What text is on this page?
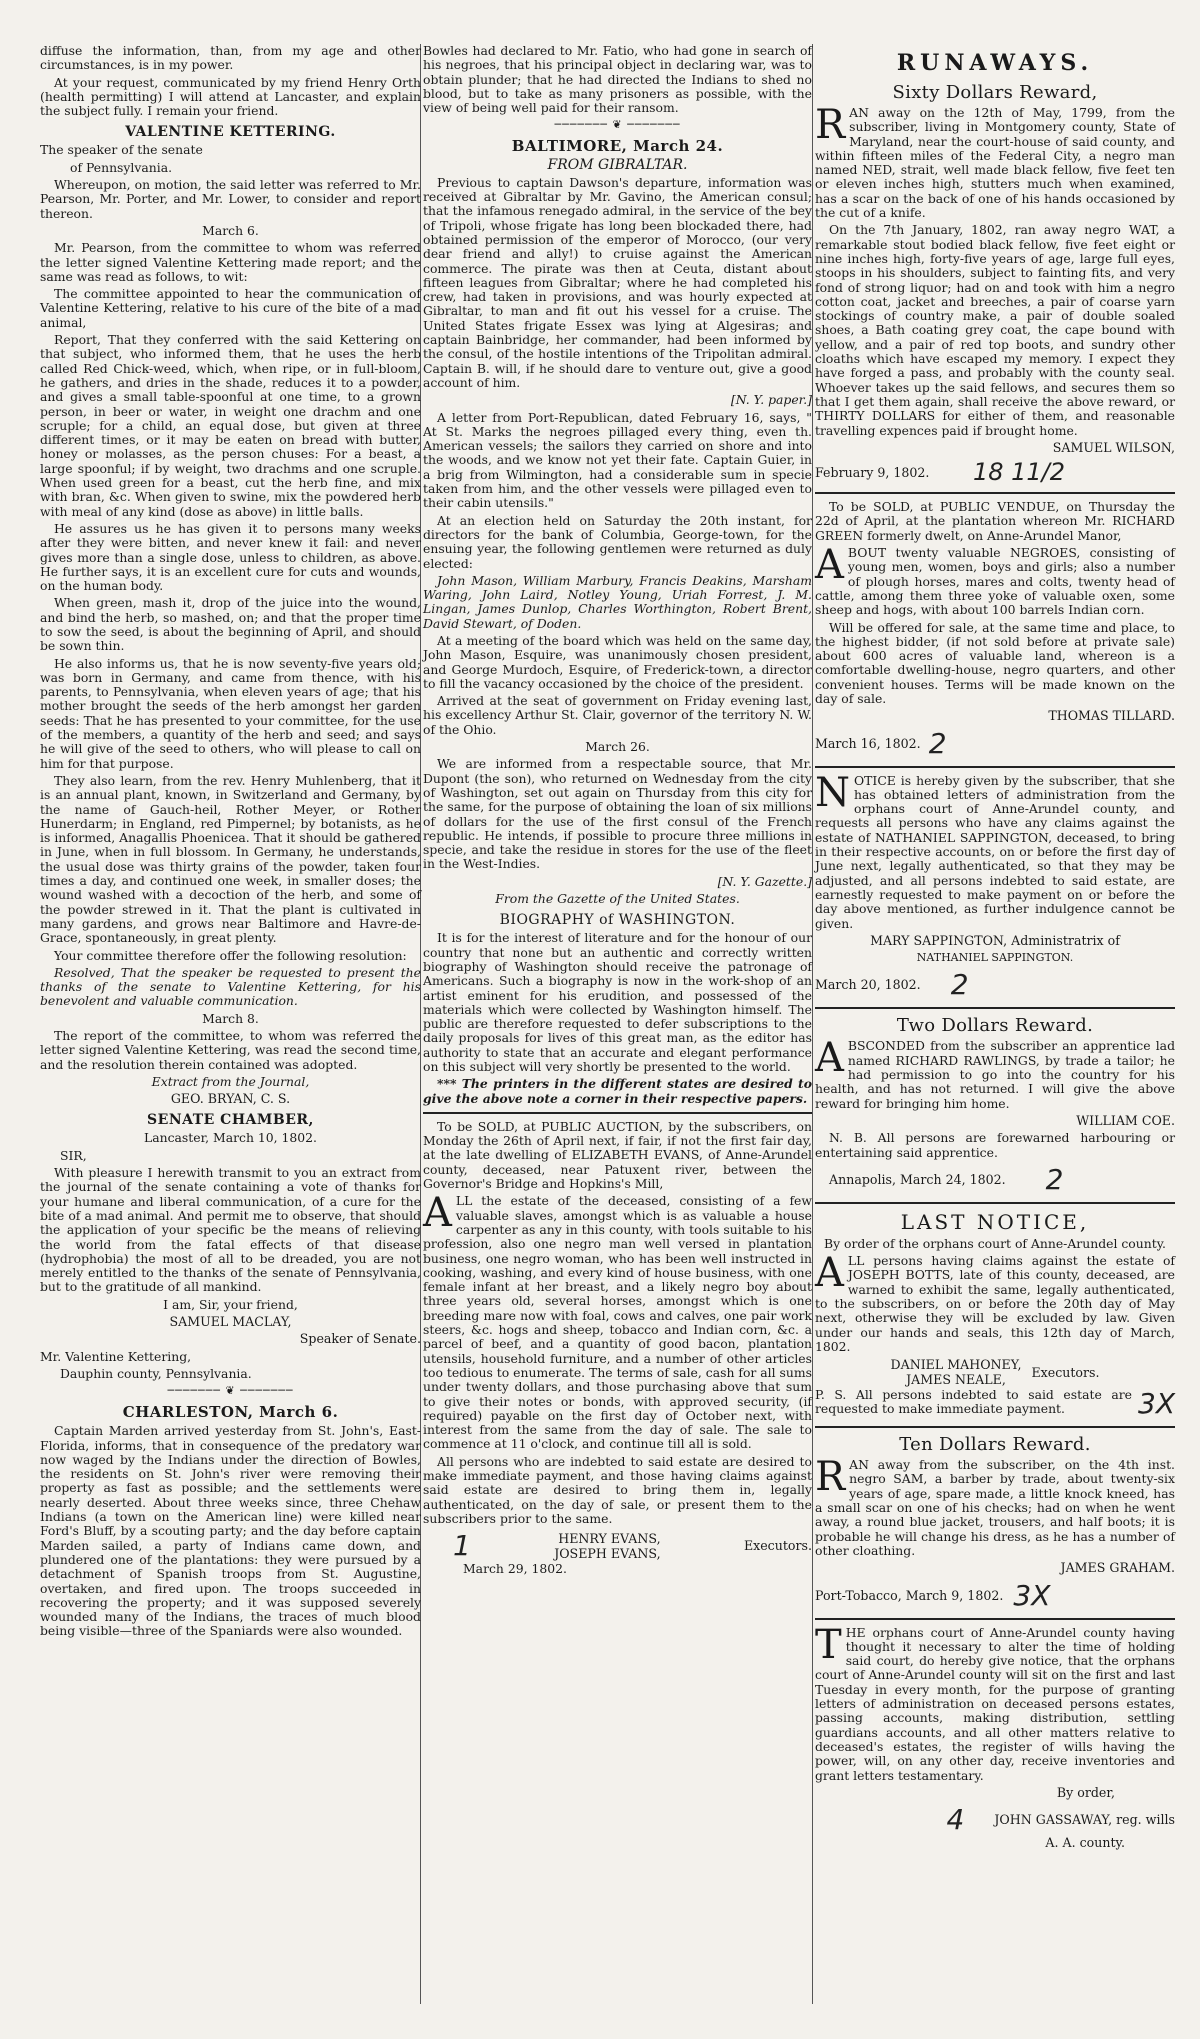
diffuse the information, than, from my age and other circumstances, is in my power.

At your request, communicated by my friend Henry Orth (health permitting) I will attend at Lancaster, and explain the subject fully. I remain your friend.

VALENTINE KETTERING.

The speaker of the senate

of Pennsylvania.

Whereupon, on motion, the said letter was referred to Mr. Pearson, Mr. Porter, and Mr. Lower, to consider and report thereon.

March 6.

Mr. Pearson, from the committee to whom was referred the letter signed Valentine Kettering made report; and the same was read as follows, to wit:

The committee appointed to hear the communication of Valentine Kettering, relative to his cure of the bite of a mad animal,

Report, That they conferred with the said Kettering on that subject, who informed them, that he uses the herb called Red Chick-weed, which, when ripe, or in full-bloom, he gathers, and dries in the shade, reduces it to a powder, and gives a small table-spoonful at one time, to a grown person, in beer or water, in weight one drachm and one scruple; for a child, an equal dose, but given at three different times, or it may be eaten on bread with butter, honey or molasses, as the person chuses: For a beast, a large spoonful; if by weight, two drachms and one scruple. When used green for a beast, cut the herb fine, and mix with bran, &c. When given to swine, mix the powdered herb with meal of any kind (dose as above) in little balls.

He assures us he has given it to persons many weeks after they were bitten, and never knew it fail: and never gives more than a single dose, unless to children, as above. He further says, it is an excellent cure for cuts and wounds, on the human body.

When green, mash it, drop of the juice into the wound, and bind the herb, so mashed, on; and that the proper time to sow the seed, is about the beginning of April, and should be sown thin.

He also informs us, that he is now seventy-five years old; was born in Germany, and came from thence, with his parents, to Pennsylvania, when eleven years of age; that his mother brought the seeds of the herb amongst her garden seeds: That he has presented to your committee, for the use of the members, a quantity of the herb and seed; and says he will give of the seed to others, who will please to call on him for that purpose.

They also learn, from the rev. Henry Muhlenberg, that it is an annual plant, known, in Switzerland and Germany, by the name of Gauch-heil, Rother Meyer, or Rother Hunerdarm; in England, red Pimpernel; by botanists, as he is informed, Anagallis Phoenicea. That it should be gathered in June, when in full blossom. In Germany, he understands, the usual dose was thirty grains of the powder, taken four times a day, and continued one week, in smaller doses; the wound washed with a decoction of the herb, and some of the powder strewed in it. That the plant is cultivated in many gardens, and grows near Baltimore and Havre-de-Grace, spontaneously, in great plenty.

Your committee therefore offer the following resolution:

Resolved, That the speaker be requested to present the thanks of the senate to Valentine Kettering, for his benevolent and valuable communication.

March 8.

The report of the committee, to whom was referred the letter signed Valentine Kettering, was read the second time, and the resolution therein contained was adopted.

Extract from the Journal,

GEO. BRYAN, C. S.

SENATE CHAMBER,

Lancaster, March 10, 1802.

SIR,

With pleasure I herewith transmit to you an extract from the journal of the senate containing a vote of thanks for your humane and liberal communication, of a cure for the bite of a mad animal. And permit me to observe, that should the application of your specific be the means of relieving the world from the fatal effects of that disease (hydrophobia) the most of all to be dreaded, you are not merely entitled to the thanks of the senate of Pennsylvania, but to the gratitude of all mankind.

I am, Sir, your friend,

SAMUEL MACLAY,

Speaker of Senate.

Mr. Valentine Kettering,

Dauphin county, Pennsylvania.

─────── ❦ ───────
CHARLESTON, March 6.

Captain Marden arrived yesterday from St. John's, East-Florida, informs, that in consequence of the predatory war now waged by the Indians under the direction of Bowles, the residents on St. John's river were removing their property as fast as possible; and the settlements were nearly deserted. About three weeks since, three Chehaw Indians (a town on the American line) were killed near Ford's Bluff, by a scouting party; and the day before captain Marden sailed, a party of Indians came down, and plundered one of the plantations: they were pursued by a detachment of Spanish troops from St. Augustine, overtaken, and fired upon. The troops succeeded in recovering the property; and it was supposed severely wounded many of the Indians, the traces of much blood being visible—three of the Spaniards were also wounded.

Bowles had declared to Mr. Fatio, who had gone in search of his negroes, that his principal object in declaring war, was to obtain plunder; that he had directed the Indians to shed no blood, but to take as many prisoners as possible, with the view of being well paid for their ransom.

─────── ❦ ───────
BALTIMORE, March 24.

FROM GIBRALTAR.

Previous to captain Dawson's departure, information was received at Gibraltar by Mr. Gavino, the American consul; that the infamous renegado admiral, in the service of the bey of Tripoli, whose frigate has long been blockaded there, had obtained permission of the emperor of Morocco, (our very dear friend and ally!) to cruise against the American commerce. The pirate was then at Ceuta, distant about fifteen leagues from Gibraltar; where he had completed his crew, had taken in provisions, and was hourly expected at Gibraltar, to man and fit out his vessel for a cruise. The United States frigate Essex was lying at Algesiras; and captain Bainbridge, her commander, had been informed by the consul, of the hostile intentions of the Tripolitan admiral. Captain B. will, if he should dare to venture out, give a good account of him.

[N. Y. paper.]

A letter from Port-Republican, dated February 16, says, " At St. Marks the negroes pillaged every thing, even th. American vessels; the sailors they carried on shore and into the woods, and we know not yet their fate. Captain Guier, in a brig from Wilmington, had a considerable sum in specie taken from him, and the other vessels were pillaged even to their cabin utensils."

At an election held on Saturday the 20th instant, for directors for the bank of Columbia, George-town, for the ensuing year, the following gentlemen were returned as duly elected:

John Mason, William Marbury, Francis Deakins, Marsham Waring, John Laird, Notley Young, Uriah Forrest, J. M. Lingan, James Dunlop, Charles Worthington, Robert Brent, David Stewart, of Doden.

At a meeting of the board which was held on the same day, John Mason, Esquire, was unanimously chosen president, and George Murdoch, Esquire, of Frederick-town, a director to fill the vacancy occasioned by the choice of the president.

Arrived at the seat of government on Friday evening last, his excellency Arthur St. Clair, governor of the territory N. W. of the Ohio.

March 26.

We are informed from a respectable source, that Mr. Dupont (the son), who returned on Wednesday from the city of Washington, set out again on Thursday from this city for the same, for the purpose of obtaining the loan of six millions of dollars for the use of the first consul of the French republic. He intends, if possible to procure three millions in specie, and take the residue in stores for the use of the fleet in the West-Indies.

[N. Y. Gazette.]

From the Gazette of the United States.

BIOGRAPHY of WASHINGTON.

It is for the interest of literature and for the honour of our country that none but an authentic and correctly written biography of Washington should receive the patronage of Americans. Such a biography is now in the work-shop of an artist eminent for his erudition, and possessed of the materials which were collected by Washington himself. The public are therefore requested to defer subscriptions to the daily proposals for lives of this great man, as the editor has authority to state that an accurate and elegant performance on this subject will very shortly be presented to the world.

*** The printers in the different states are desired to give the above note a corner in their respective papers.

To be SOLD, at PUBLIC AUCTION, by the subscribers, on Monday the 26th of April next, if fair, if not the first fair day, at the late dwelling of ELIZABETH EVANS, of Anne-Arundel county, deceased, near Patuxent river, between the Governor's Bridge and Hopkins's Mill,

ALL the estate of the deceased, consisting of a few valuable slaves, amongst which is as valuable a house carpenter as any in this county, with tools suitable to his profession, also one negro man well versed in plantation business, one negro woman, who has been well instructed in cooking, washing, and every kind of house business, with one female infant at her breast, and a likely negro boy about three years old, several horses, amongst which is one breeding mare now with foal, cows and calves, one pair work steers, &c. hogs and sheep, tobacco and Indian corn, &c. a parcel of beef, and a quantity of good bacon, plantation utensils, household furniture, and a number of other articles too tedious to enumerate. The terms of sale, cash for all sums under twenty dollars, and those purchasing above that sum to give their notes or bonds, with approved security, (if required) payable on the first day of October next, with interest from the same from the day of sale. The sale to commence at 11 o'clock, and continue till all is sold.

All persons who are indebted to said estate are desired to make immediate payment, and those having claims against said estate are desired to bring them in, legally authenticated, on the day of sale, or present them to the subscribers prior to the same.

1	HENRY EVANS,
JOSEPH EVANS,	Executors.

March 29, 1802.

RUNAWAYS.
Sixty Dollars Reward,

RAN away on the 12th of May, 1799, from the subscriber, living in Montgomery county, State of Maryland, near the court-house of said county, and within fifteen miles of the Federal City, a negro man named NED, strait, well made black fellow, five feet ten or eleven inches high, stutters much when examined, has a scar on the back of one of his hands occasioned by the cut of a knife.

On the 7th January, 1802, ran away negro WAT, a remarkable stout bodied black fellow, five feet eight or nine inches high, forty-five years of age, large full eyes, stoops in his shoulders, subject to fainting fits, and very fond of strong liquor; had on and took with him a negro cotton coat, jacket and breeches, a pair of coarse yarn stockings of country make, a pair of double soaled shoes, a Bath coating grey coat, the cape bound with yellow, and a pair of red top boots, and sundry other cloaths which have escaped my memory. I expect they have forged a pass, and probably with the county seal. Whoever takes up the said fellows, and secures them so that I get them again, shall receive the above reward, or THIRTY DOLLARS for either of them, and reasonable travelling expences paid if brought home.

SAMUEL WILSON,

February 9, 1802. 18 11/2

To be SOLD, at PUBLIC VENDUE, on Thursday the 22d of April, at the plantation whereon Mr. RICHARD GREEN formerly dwelt, on Anne-Arundel Manor,

ABOUT twenty valuable NEGROES, consisting of young men, women, boys and girls; also a number of plough horses, mares and colts, twenty head of cattle, among them three yoke of valuable oxen, some sheep and hogs, with about 100 barrels Indian corn.

Will be offered for sale, at the same time and place, to the highest bidder, (if not sold before at private sale) about 600 acres of valuable land, whereon is a comfortable dwelling-house, negro quarters, and other convenient houses. Terms will be made known on the day of sale.

THOMAS TILLARD.

March 16, 1802. 2

NOTICE is hereby given by the subscriber, that she has obtained letters of administration from the orphans court of Anne-Arundel county, and requests all persons who have any claims against the estate of NATHANIEL SAPPINGTON, deceased, to bring in their respective accounts, on or before the first day of June next, legally authenticated, so that they may be adjusted, and all persons indebted to said estate, are earnestly requested to make payment on or before the day above mentioned, as further indulgence cannot be given.

MARY SAPPINGTON, Administratrix of

NATHANIEL SAPPINGTON.

March 20, 1802. 2
Two Dollars Reward.

ABSCONDED from the subscriber an apprentice lad named RICHARD RAWLINGS, by trade a tailor; he had permission to go into the country for his health, and has not returned. I will give the above reward for bringing him home.

WILLIAM COE.

N. B. All persons are forewarned harbouring or entertaining said apprentice.

Annapolis, March 24, 1802. 2
LAST NOTICE,

By order of the orphans court of Anne-Arundel county.

ALL persons having claims against the estate of JOSEPH BOTTS, late of this county, deceased, are warned to exhibit the same, legally authenticated, to the subscribers, on or before the 20th day of May next, otherwise they will be excluded by law. Given under our hands and seals, this 12th day of March, 1802.

DANIEL MAHONEY,
JAMES NEALE,	Executors.

P. S. All persons indebted to said estate are requested to make immediate payment.	3X
Ten Dollars Reward.

RAN away from the subscriber, on the 4th inst. negro SAM, a barber by trade, about twenty-six years of age, spare made, a little knock kneed, has a small scar on one of his checks; had on when he went away, a round blue jacket, trousers, and half boots; it is probable he will change his dress, as he has a number of other cloathing.

JAMES GRAHAM.

Port-Tobacco, March 9, 1802. 3X

THE orphans court of Anne-Arundel county having thought it necessary to alter the time of holding said court, do hereby give notice, that the orphans court of Anne-Arundel county will sit on the first and last Tuesday in every month, for the purpose of granting letters of administration on deceased persons estates, passing accounts, making distribution, settling guardians accounts, and all other matters relative to deceased's estates, the register of wills having the power, will, on any other day, receive inventories and grant letters testamentary.

By order,

4 JOHN GASSAWAY, reg. wills

A. A. county.
